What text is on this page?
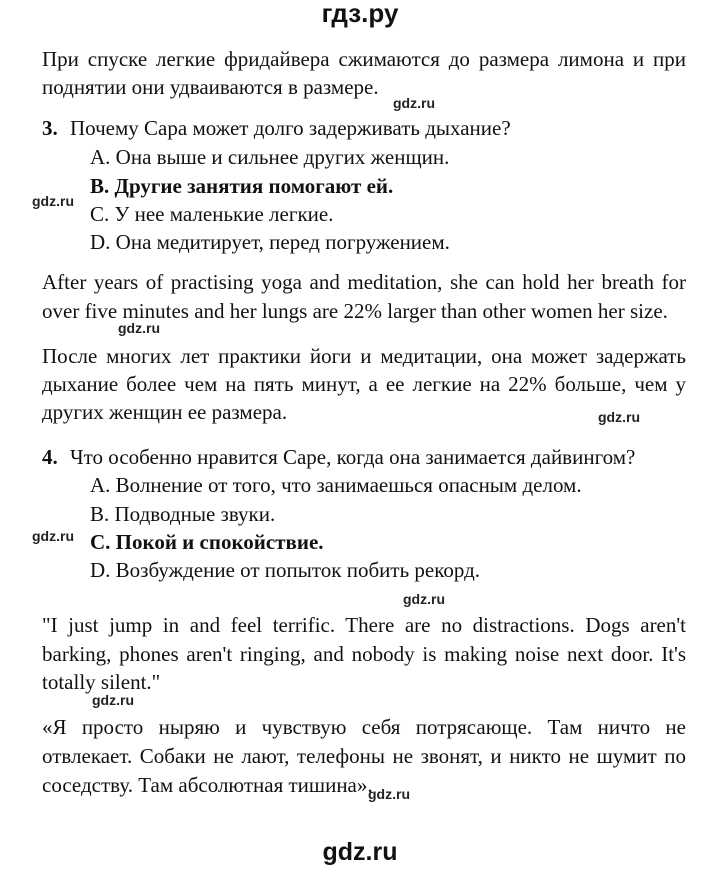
гдз.ру
При спуске легкие фридайвера сжимаются до размера лимона и при
поднятии они удваиваются в размере.
gdz.ru
3. Почему Сара может долго задерживать дыхание?
A. Она выше и сильнее других женщин.
B. Другие занятия помогают ей.
gdz.ru
C. У нее маленькие легкие.
D. Она медитирует, перед погружением.
After years of practising yoga and meditation, she can hold her breath for
over five minutes and her lungs are 22% larger than other women her size.
gdz.ru
После многих лет практики йоги и медитации, она может задержать
дыхание более чем на пять минут, а ее легкие на 22% больше, чем у
других женщин ее размера.	gdz.ru
4. Что особенно нравится Саре, когда она занимается дайвингом?
A. Волнение от того, что занимаешься опасным делом.
B. Подводные звуки.
gdz.ru C. Покой и спокойствие.
D. Возбуждение от попыток побить рекорд.
gdz.ru
"I just jump in and feel terrific. There are no distractions. Dogs aren't
barking, phones aren't ringing, and nobody is making noise next door. It's
totally silent."
gdz.ru
«Я просто ныряю и чувствую себя потрясающе. Там ничто не
отвлекает. Собаки не лают, телефоны не звонят, и никто не шумит по
соседству. Там абсолютная тишина».
gdz.ru
gdz.ru
